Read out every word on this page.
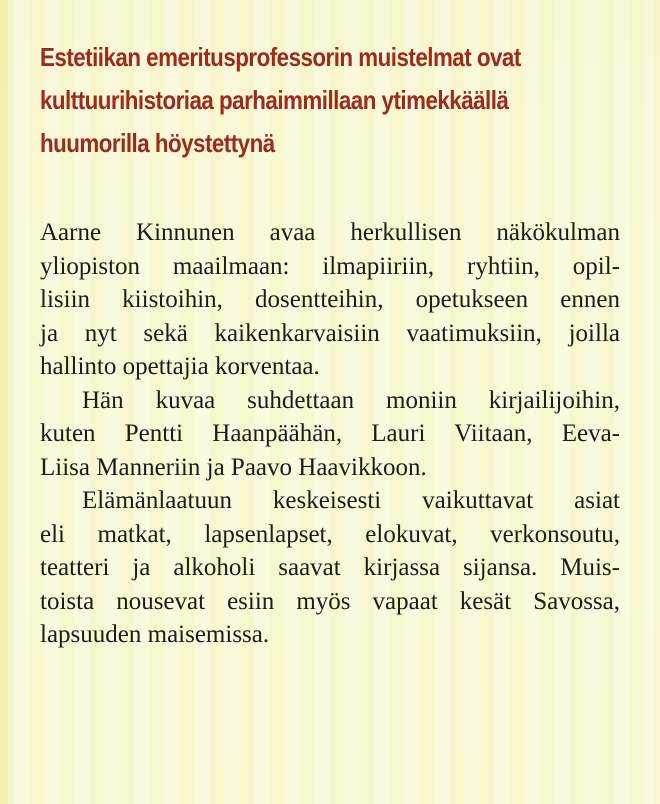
Estetiikan emeritusprofessorin muistelmat ovat
kulttuurihistoriaa parhaimmillaan ytimekkäällä
huumorilla höystettynä
Aarne Kinnunen avaa herkullisen näkökulman
yliopiston maailmaan: ilmapiiriin, ryhtiin, opil-
lisiin kiistoihin, dosentteihin, opetukseen ennen
ja nyt sekä kaikenkarvaisiin vaatimuksiin, joilla
hallinto opettajia korventaa.
Hän kuvaa suhdettaan moniin kirjailijoihin,
kuten Pentti Haanpäähän, Lauri Viitaan, Eeva-
Liisa Manneriin ja Paavo Haavikkoon.
Elämänlaatuun keskeisesti vaikuttavat asiat
eli matkat, lapsenlapset, elokuvat, verkonsoutu,
teatteri ja alkoholi saavat kirjassa sijansa. Muis-
toista nousevat esiin myös vapaat kesät Savossa,
lapsuuden maisemissa.
